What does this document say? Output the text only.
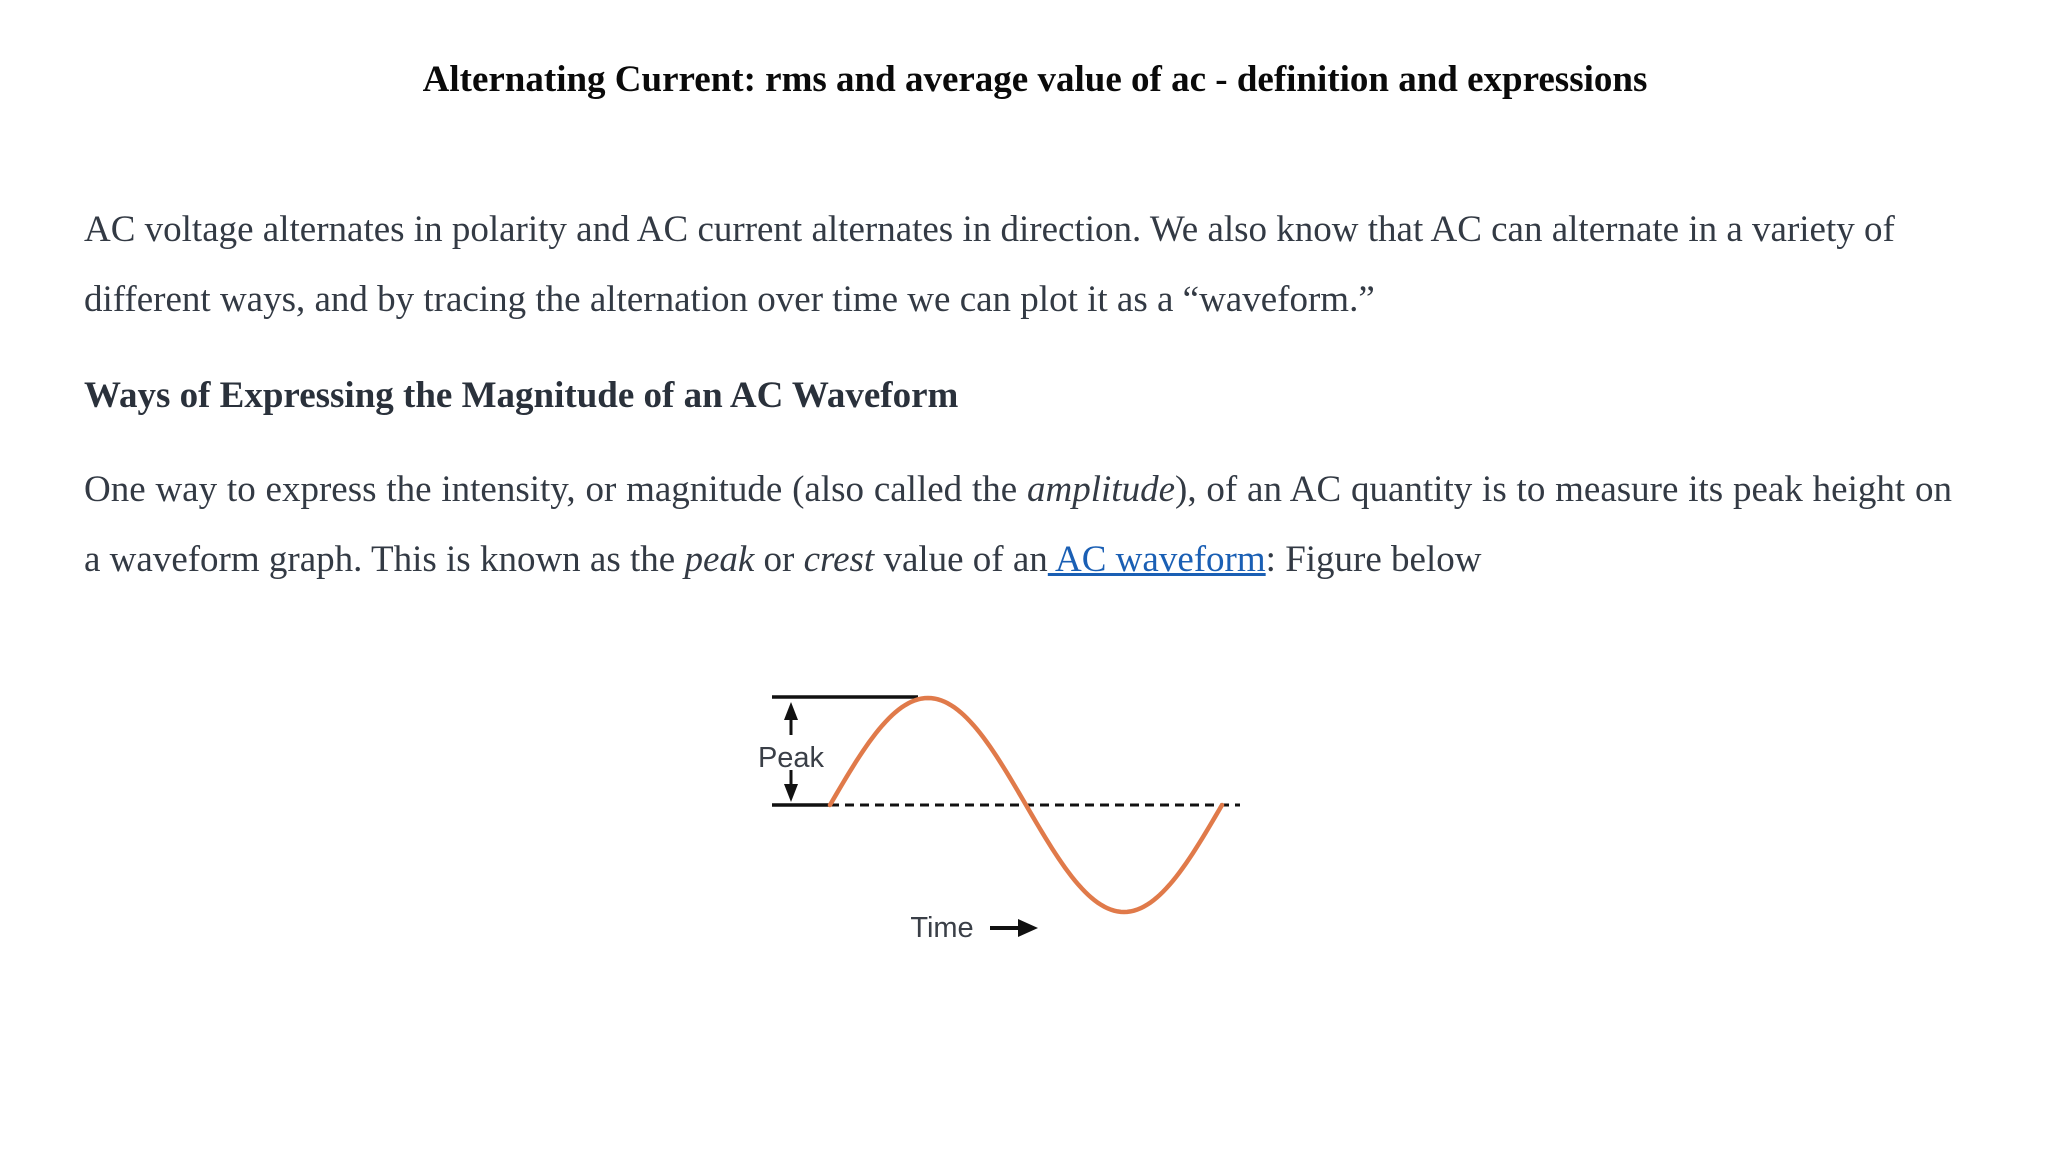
Alternating Current: rms and average value of ac - definition and expressions

AC voltage alternates in polarity and AC current alternates in direction. We also know that AC can alternate in a variety of different ways, and by tracing the alternation over time we can plot it as a “waveform.”

Ways of Expressing the Magnitude of an AC Waveform

One way to express the intensity, or magnitude (also called the amplitude), of an AC quantity is to measure its peak height on a waveform graph. This is known as the peak or crest value of an AC waveform: Figure below

Peak
Time
